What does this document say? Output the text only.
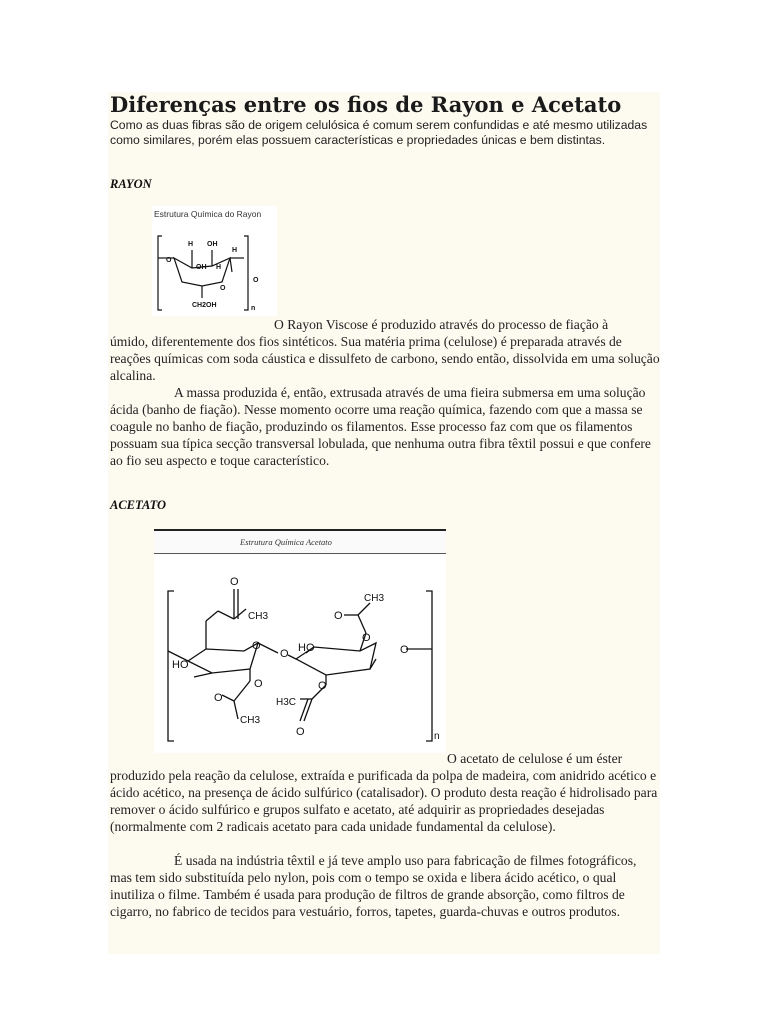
Diferenças entre os fios de Rayon e Acetato
Como as duas fibras são de origem celulósica é comum serem confundidas e até mesmo utilizadas como similares, porém elas possuem características e propriedades únicas e bem distintas.
RAYON
Estrutura Química do Rayon
H OH
OH H
H
O
O
CH2OH
O
n
O Rayon Viscose é produzido através do processo de fiação à
úmido, diferentemente dos fios sintéticos. Sua matéria prima (celulose) é preparada através de reações químicas com soda cáustica e dissulfeto de carbono, sendo então, dissolvida em uma solução alcalina.
A massa produzida é, então, extrusada através de uma fieira submersa em uma solução ácida (banho de fiação). Nesse momento ocorre uma reação química, fazendo com que a massa se coagule no banho de fiação, produzindo os filamentos. Esse processo faz com que os filamentos possuam sua típica secção transversal lobulada, que nenhuma outra fibra têxtil possui e que confere ao fio seu aspecto e toque característico.
ACETATO
Estrutura Química Acetato
O
CH3
O
O
CH3
O
O
HO
HO
O
O
O
CH3
H3C
O
O	n
O acetato de celulose é um éster
produzido pela reação da celulose, extraída e purificada da polpa de madeira, com anidrido acético e ácido acético, na presença de ácido sulfúrico (catalisador). O produto desta reação é hidrolisado para remover o ácido sulfúrico e grupos sulfato e acetato, até adquirir as propriedades desejadas (normalmente com 2 radicais acetato para cada unidade fundamental da celulose).
É usada na indústria têxtil e já teve amplo uso para fabricação de filmes fotográficos, mas tem sido substituída pelo nylon, pois com o tempo se oxida e libera ácido acético, o qual inutiliza o filme. Também é usada para produção de filtros de grande absorção, como filtros de cigarro, no fabrico de tecidos para vestuário, forros, tapetes, guarda-chuvas e outros produtos.
